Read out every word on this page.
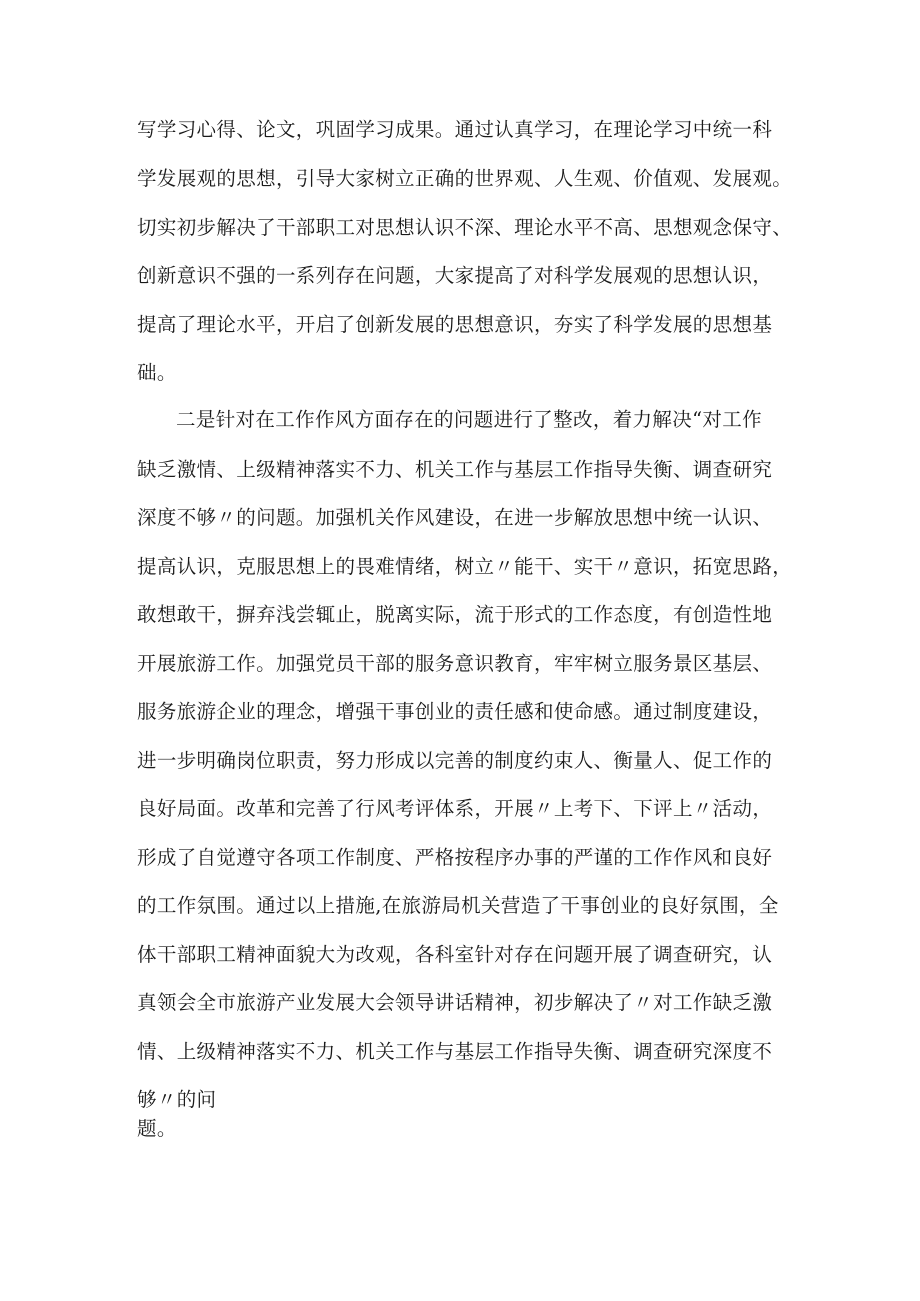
写学习心得、论文，巩固学习成果。通过认真学习，在理论学习中统一科
学发展观的思想，引导大家树立正确的世界观、人生观、价值观、发展观。
切实初步解决了干部职工对思想认识不深、理论水平不高、思想观念保守、
创新意识不强的一系列存在问题，大家提高了对科学发展观的思想认识，
提高了理论水平，开启了创新发展的思想意识，夯实了科学发展的思想基
础。
二是针对在工作作风方面存在的问题进行了整改，着力解决“对工作
缺乏激情、上级精神落实不力、机关工作与基层工作指导失衡、调查研究
深度不够〃的问题。加强机关作风建设，在进一步解放思想中统一认识、
提高认识，克服思想上的畏难情绪，树立〃能干、实干〃意识，拓宽思路，
敢想敢干，摒弃浅尝辄止，脱离实际，流于形式的工作态度，有创造性地
开展旅游工作。加强党员干部的服务意识教育，牢牢树立服务景区基层、
服务旅游企业的理念，增强干事创业的责任感和使命感。通过制度建设，
进一步明确岗位职责，努力形成以完善的制度约束人、衡量人、促工作的
良好局面。改革和完善了行风考评体系，开展〃上考下、下评上〃活动，
形成了自觉遵守各项工作制度、严格按程序办事的严谨的工作作风和良好
的工作氛围。通过以上措施,在旅游局机关营造了干事创业的良好氛围，全
体干部职工精神面貌大为改观，各科室针对存在问题开展了调查研究，认
真领会全市旅游产业发展大会领导讲话精神，初步解决了〃对工作缺乏激
情、上级精神落实不力、机关工作与基层工作指导失衡、调查研究深度不
够〃的问
题。
